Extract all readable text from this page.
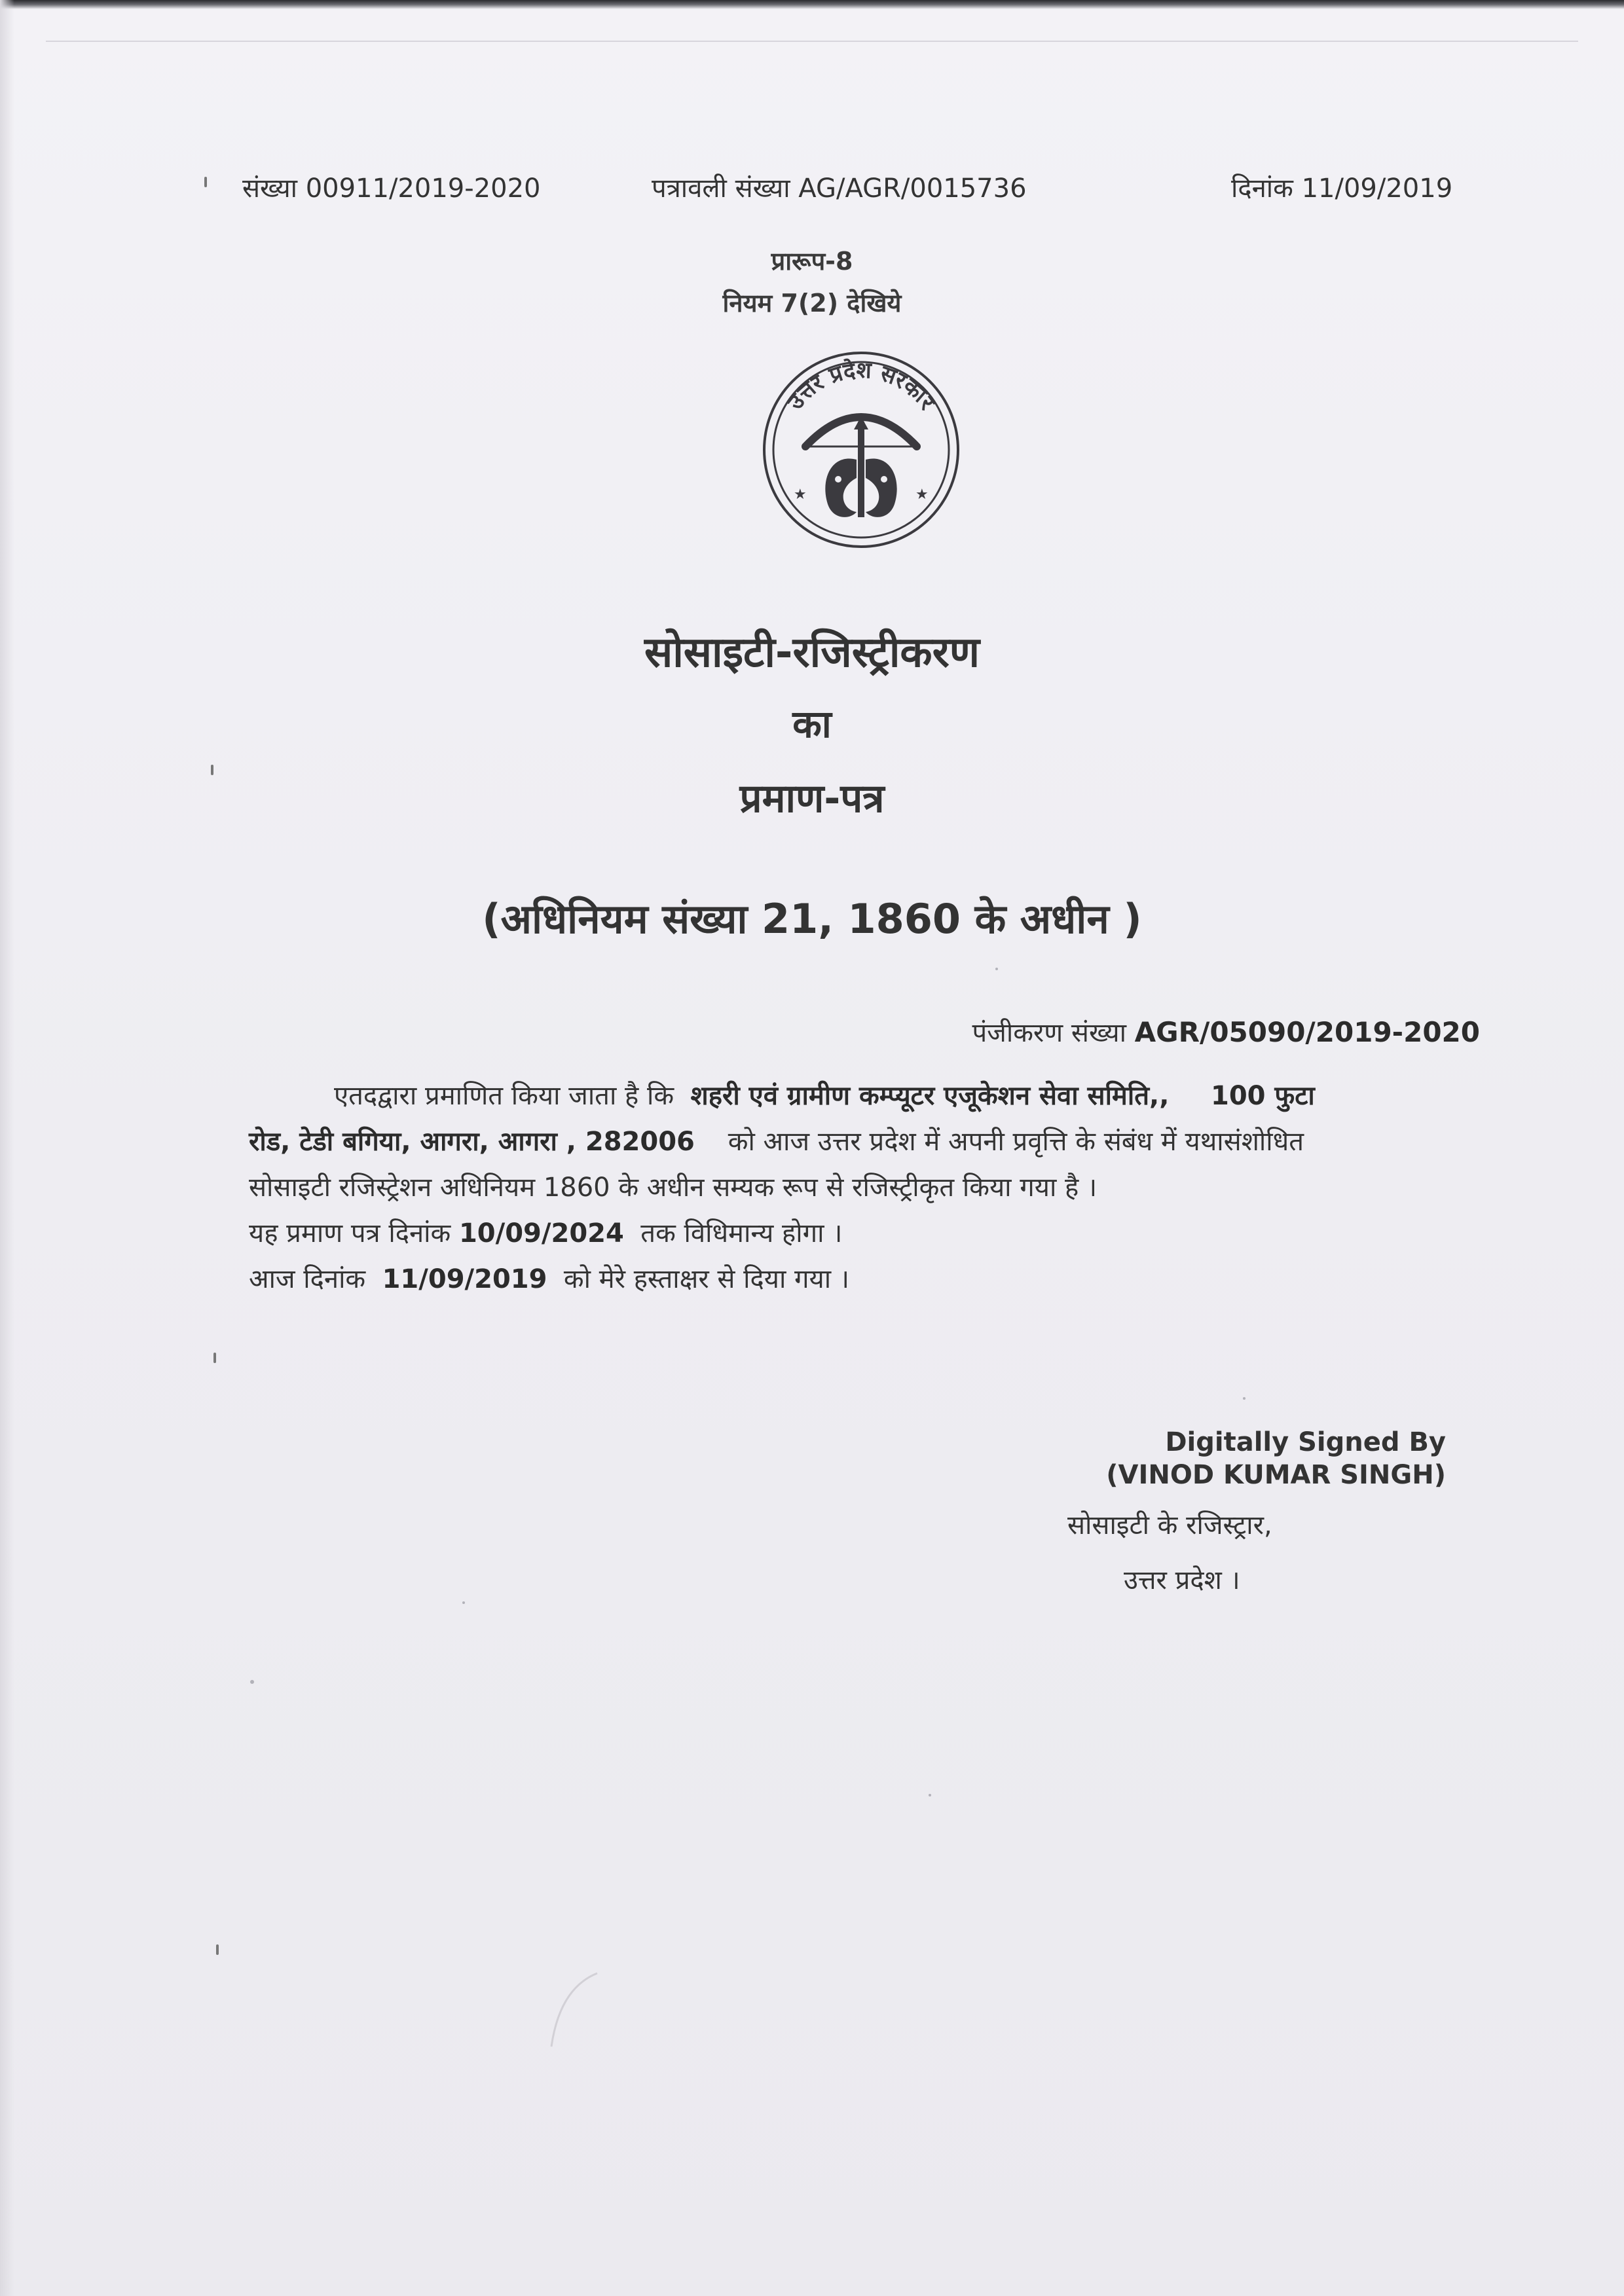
संख्या 00911/2019-2020	पत्रावली संख्या AG/AGR/0015736	दिनांक 11/09/2019
प्रारूप-8
नियम 7(2) देखिये
उत्तर प्रदेश सरकार
★	★
सोसाइटी-रजिस्ट्रीकरण
का
प्रमाण-पत्र
(अधिनियम संख्या 21, 1860 के अधीन )
पंजीकरण संख्या AGR/05090/2019-2020
एतदद्वारा प्रमाणित किया जाता है कि शहरी एवं ग्रामीण कम्प्यूटर एजूकेशन सेवा समिति,, 100 फुटा
रोड, टेडी बगिया, आगरा, आगरा , 282006 को आज उत्तर प्रदेश में अपनी प्रवृत्ति के संबंध में यथासंशोधित
सोसाइटी रजिस्ट्रेशन अधिनियम 1860 के अधीन सम्यक रूप से रजिस्ट्रीकृत किया गया है ।
यह प्रमाण पत्र दिनांक 10/09/2024 तक विधिमान्य होगा ।
आज दिनांक 11/09/2019 को मेरे हस्ताक्षर से दिया गया ।
Digitally Signed By
(VINOD KUMAR SINGH)
सोसाइटी के रजिस्ट्रार,
उत्तर प्रदेश ।
